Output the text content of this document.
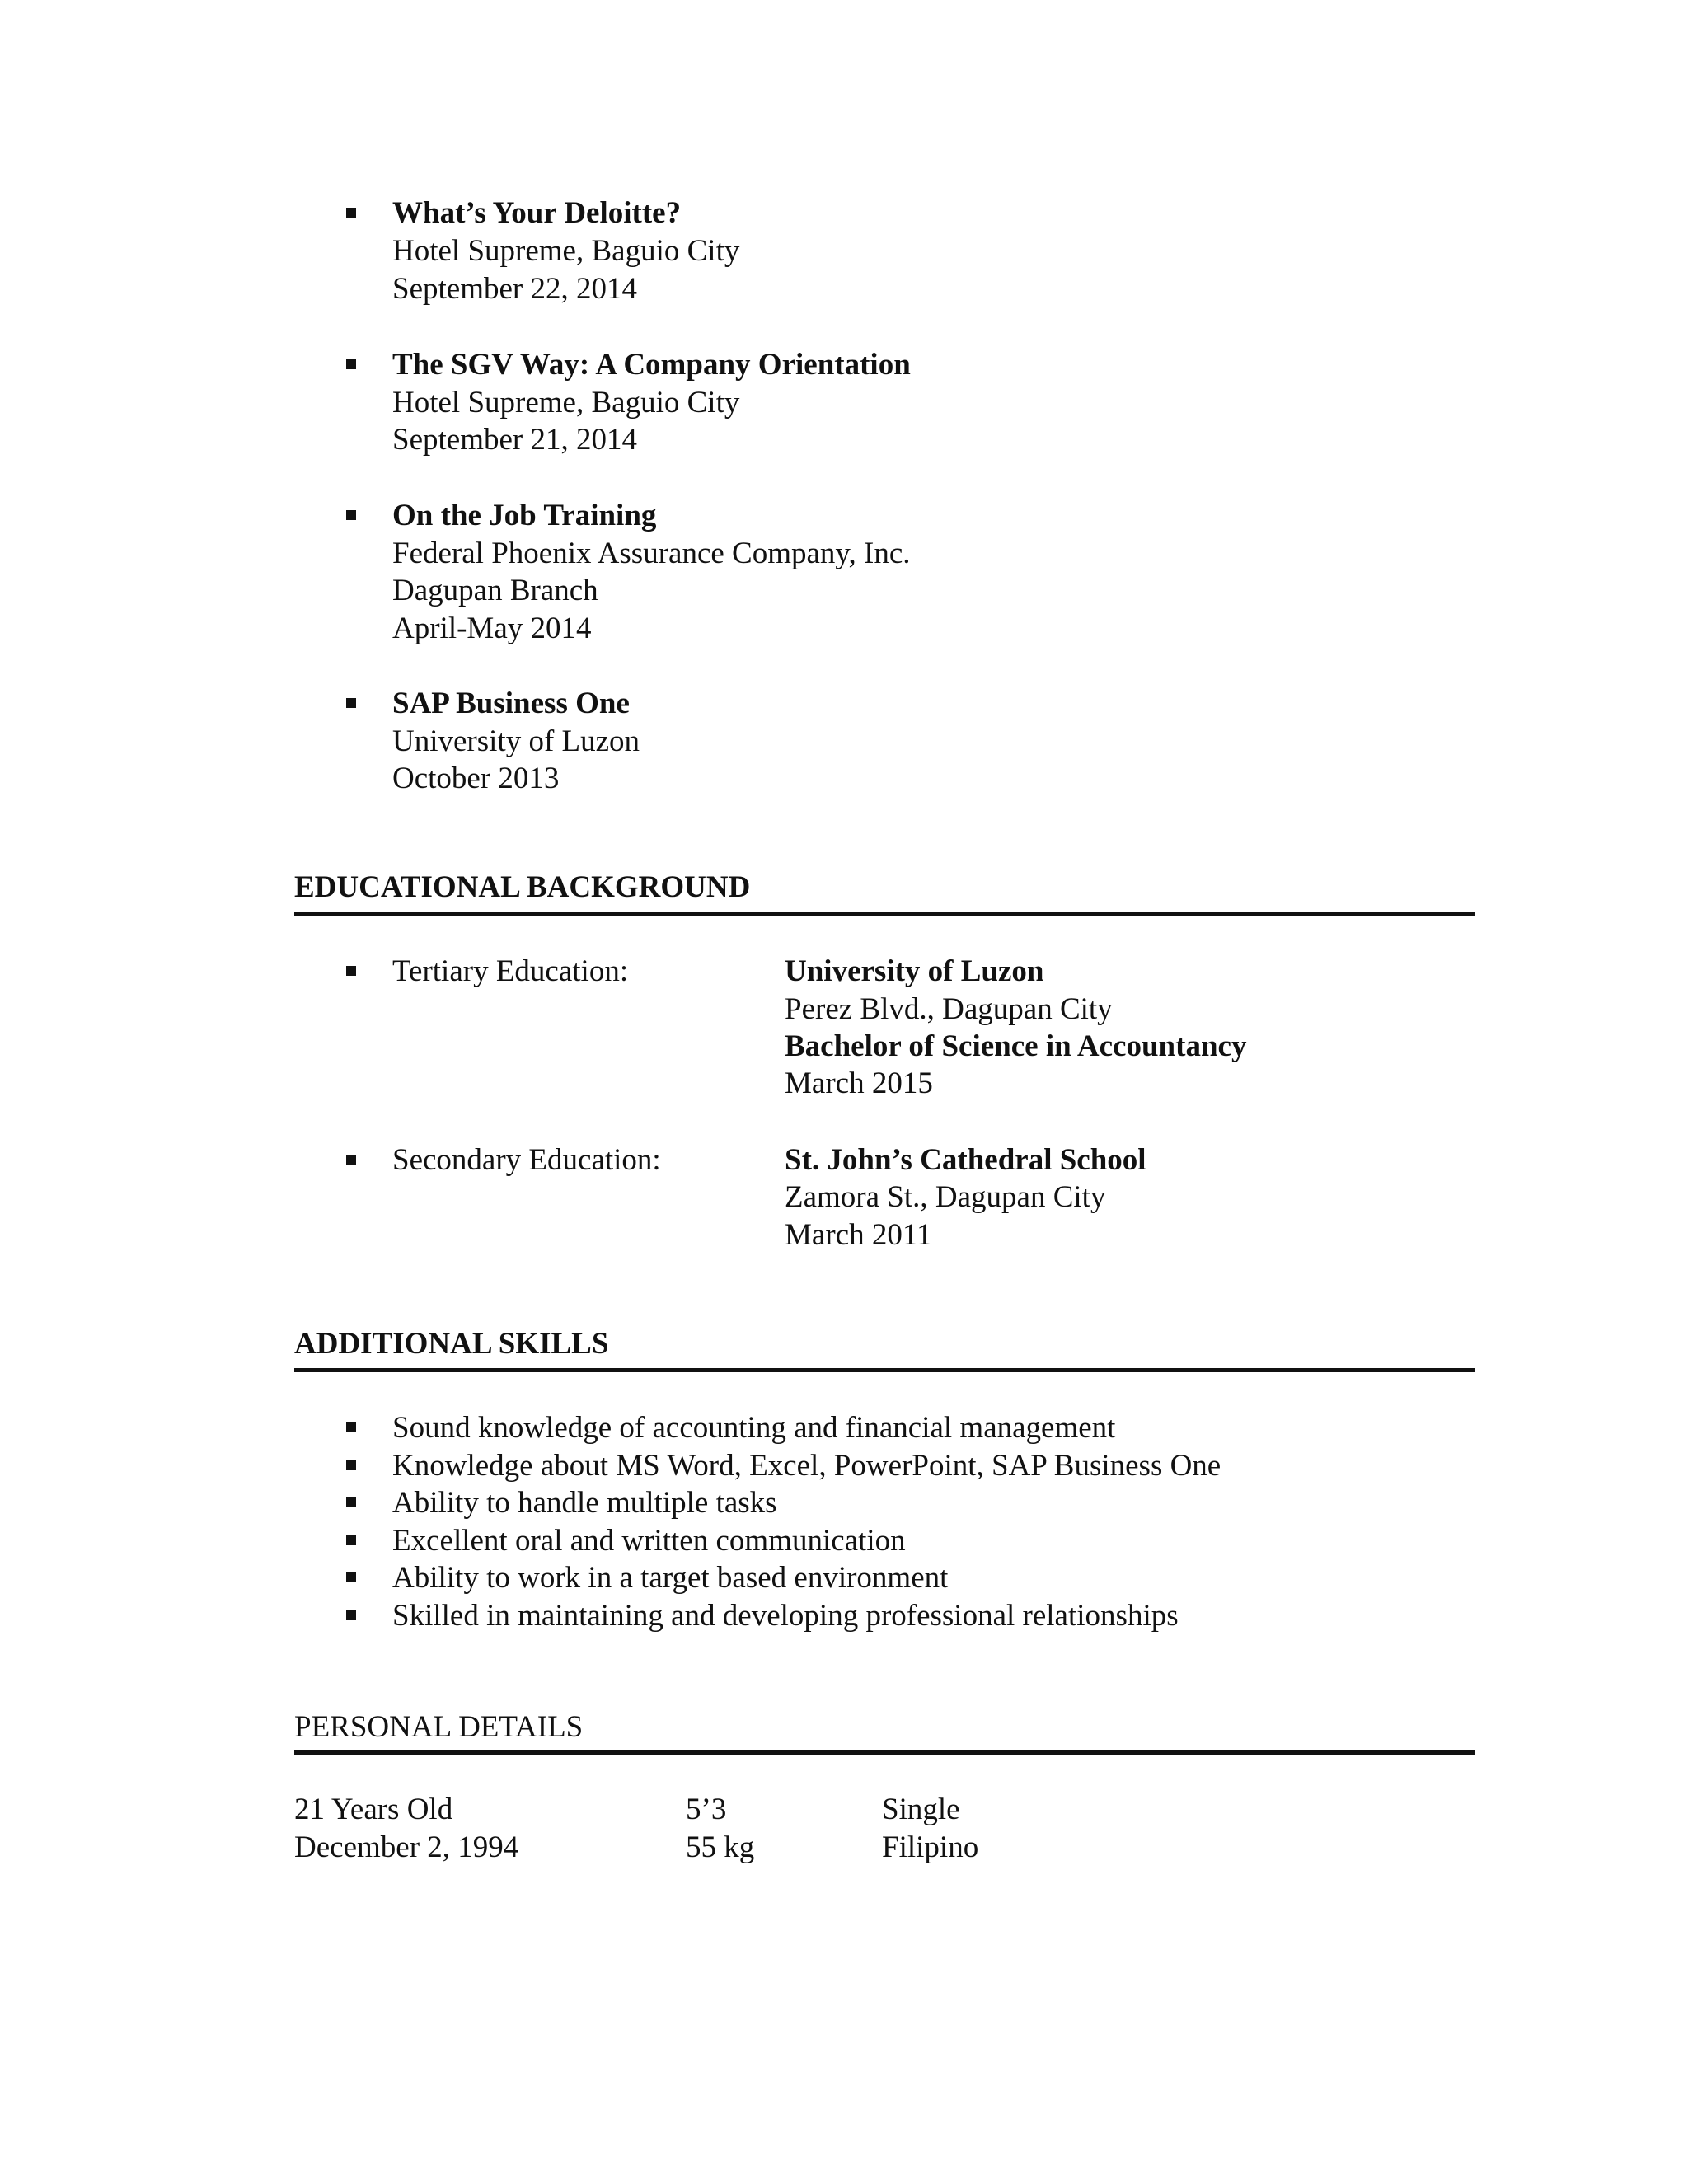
What’s Your Deloitte?
Hotel Supreme, Baguio City
September 22, 2014
The SGV Way: A Company Orientation
Hotel Supreme, Baguio City
September 21, 2014
On the Job Training
Federal Phoenix Assurance Company, Inc.
Dagupan Branch
April-May 2014
SAP Business One
University of Luzon
October 2013
EDUCATIONAL BACKGROUND
Tertiary Education:	University of Luzon
Perez Blvd., Dagupan City
Bachelor of Science in Accountancy
March 2015
Secondary Education:	St. John’s Cathedral School
Zamora St., Dagupan City
March 2011
ADDITIONAL SKILLS
Sound knowledge of accounting and financial management
Knowledge about MS Word, Excel, PowerPoint, SAP Business One
Ability to handle multiple tasks
Excellent oral and written communication
Ability to work in a target based environment
Skilled in maintaining and developing professional relationships
PERSONAL DETAILS
21 Years Old	5’3	Single
December 2, 1994	55 kg	Filipino
